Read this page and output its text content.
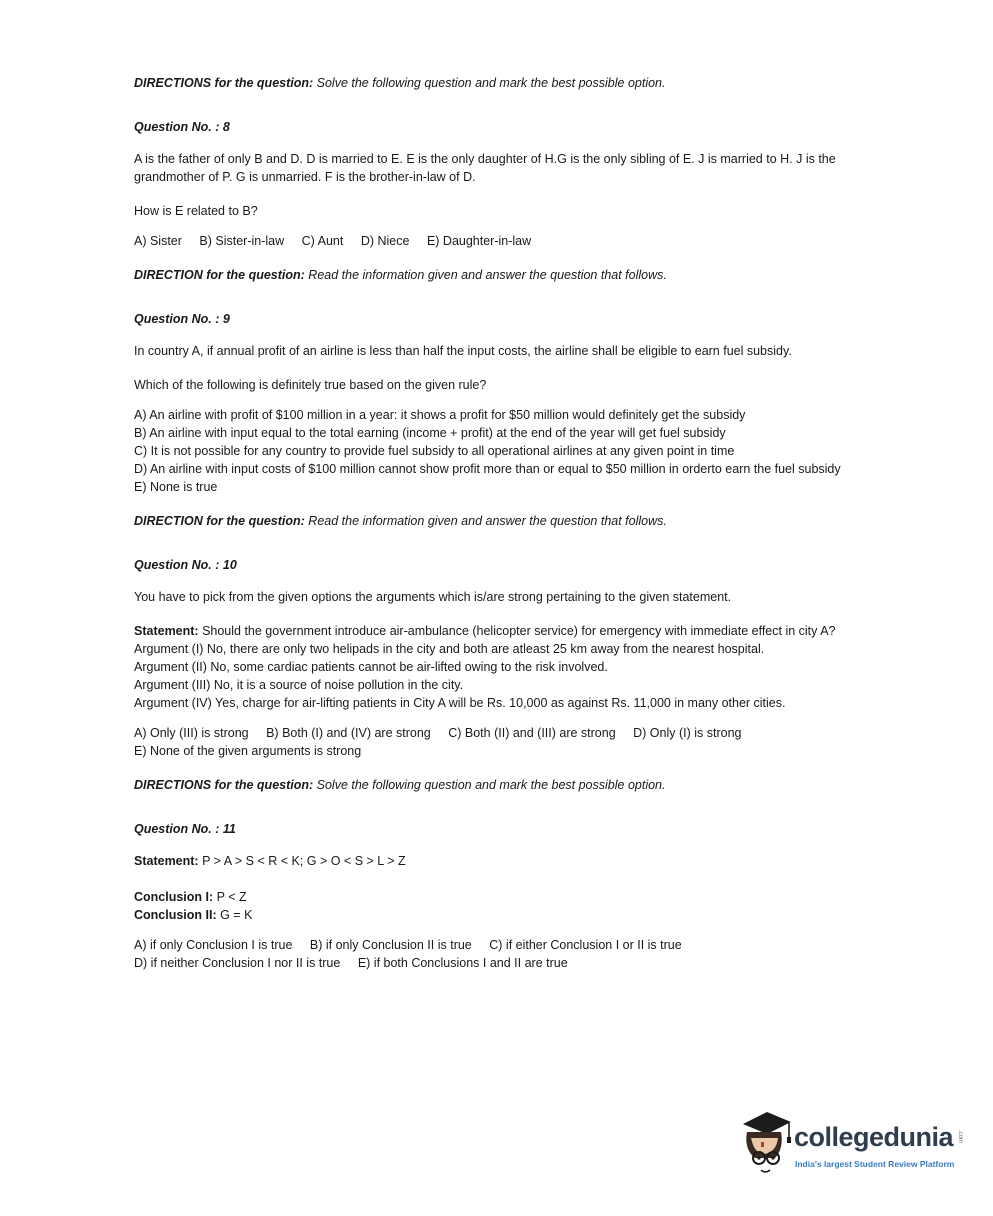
DIRECTIONS for the question: Solve the following question and mark the best possible option.

Question No. : 8

A is the father of only B and D. D is married to E. E is the only daughter of H.G is the only sibling of E. J is married to H. J is the grandmother of P. G is unmarried. F is the brother-in-law of D.

How is E related to B?

A) Sister B) Sister-in-law C) Aunt D) Niece E) Daughter-in-law

DIRECTION for the question: Read the information given and answer the question that follows.

Question No. : 9

In country A, if annual profit of an airline is less than half the input costs, the airline shall be eligible to earn fuel subsidy.

Which of the following is definitely true based on the given rule?

A) An airline with profit of $100 million in a year: it shows a profit for $50 million would definitely get the subsidy

B) An airline with input equal to the total earning (income + profit) at the end of the year will get fuel subsidy

C) It is not possible for any country to provide fuel subsidy to all operational airlines at any given point in time

D) An airline with input costs of $100 million cannot show profit more than or equal to $50 million in orderto earn the fuel subsidy

E) None is true

DIRECTION for the question: Read the information given and answer the question that follows.

Question No. : 10

You have to pick from the given options the arguments which is/are strong pertaining to the given statement.

Statement: Should the government introduce air-ambulance (helicopter service) for emergency with immediate effect in city A?

Argument (I) No, there are only two helipads in the city and both are atleast 25 km away from the nearest hospital.

Argument (II) No, some cardiac patients cannot be air-lifted owing to the risk involved.

Argument (III) No, it is a source of noise pollution in the city.

Argument (IV) Yes, charge for air-lifting patients in City A will be Rs. 10,000 as against Rs. 11,000 in many other cities.

A) Only (III) is strong B) Both (I) and (IV) are strong C) Both (II) and (III) are strong D) Only (I) is strong

E) None of the given arguments is strong

DIRECTIONS for the question: Solve the following question and mark the best possible option.

Question No. : 11

Statement: P > A > S < R < K; G > O < S > L > Z

Conclusion I: P < Z

Conclusion II: G = K

A) if only Conclusion I is true B) if only Conclusion II is true C) if either Conclusion I or II is true

D) if neither Conclusion I nor II is true E) if both Conclusions I and II are true

collegedunia .com
India's largest Student Review Platform
